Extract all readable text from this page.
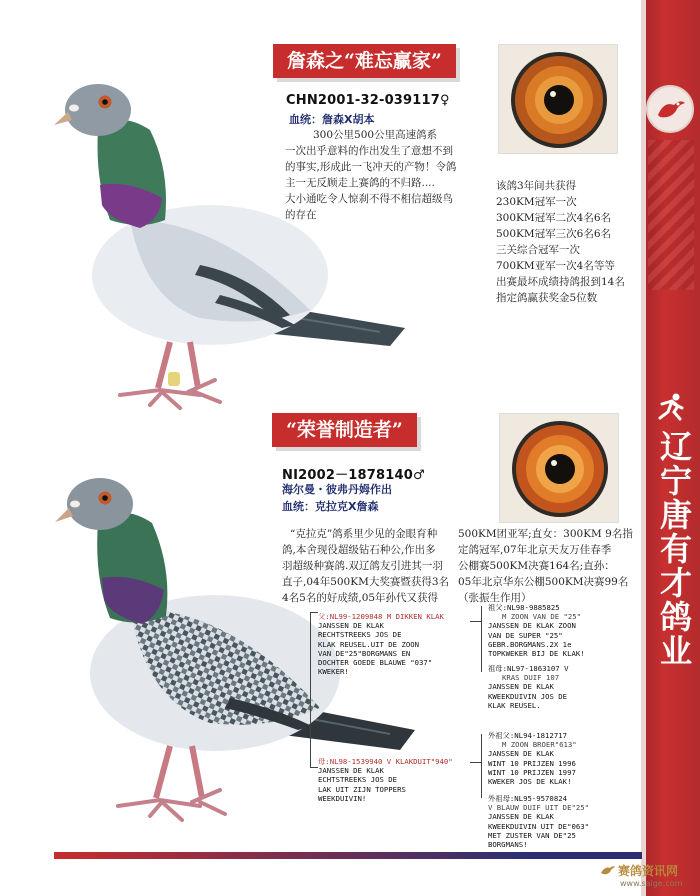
辽宁唐有才鸽业
詹森之“难忘赢家”
CHN2001-32-039117♀
血统：詹森X胡本
300公里500公里高速鸽系
一次出乎意料的作出发生了意想不到
的事实,形成此一飞冲天的产物！令鸽
主一无反顾走上赛鸽的不归路....
大小通吃令人惊刹不得不相信超级鸟
的存在
该鸽3年间共获得
230KM冠军一次
300KM冠军二次4名6名
500KM冠军三次6名6名
三关综合冠军一次
700KM亚军一次4名等等
出赛最坏成绩持鸽报到14名
指定鸽赢获奖金5位数
“荣誉制造者”
NI2002－1878140♂
海尔曼・彼弗丹姆作出
血统：克拉克X詹森
“克拉克”鸽系里少见的金眼育种
鸽,本舍现役超级钻石种公,作出多
羽超级种赛鸽.双辽鸽友引进其一羽
直子,04年500KM大奖赛暨获得3名
4名5名的好成绩,05年孙代又获得
500KM团亚军;直女：300KM 9名指
定鸽冠军,07年北京天友万佳春季
公棚赛500KM决赛164名;直孙：
05年北京华东公棚500KM决赛99名
（张振生作用）
父:NL99-1209848 M DIKKEN KLAK
JANSSEN DE KLAK
RECHTSTREEKS JOS DE
KLAK REUSEL.UIT DE ZOON
VAN DE"25"BORGMANS EN
DOCHTER GOEDE BLAUWE "037"
KWEKER!
母:NL98-1539940 V KLAKDUIT"940"
JANSSEN DE KLAK
ECHTSTREEKS JOS DE
LAK UIT ZIJN TOPPERS
WEEKDUIVIN!
祖父:NL98-9885825
M ZOON VAN DE "25"
JANSSEN DE KLAK ZOON
VAN DE SUPER "25"
GEBR.BORGMANS.2X 1e
TOPKWEKER BIJ DE KLAK!
祖母:NL97-1863107 V
KRAS DUIF 107
JANSSEN DE KLAK
KWEEKDUIVIN JOS DE
KLAK REUSEL.
外祖父:NL94-1812717
M ZOON BROER"613"
JANSSEN DE KLAK
WINT 10 PRIJZEN 1996
WINT 10 PRIJZEN 1997
KWEKER JOS DE KLAK!
外祖母:NL95-9570824
V BLAUW DUIF UIT DE"25"
JANSSEN DE KLAK
KWEEKDUIVIN UIT DE"063"
MET ZUSTER VAN DE"25
BORGMANS!
赛鸽资讯网
www.saige.com
